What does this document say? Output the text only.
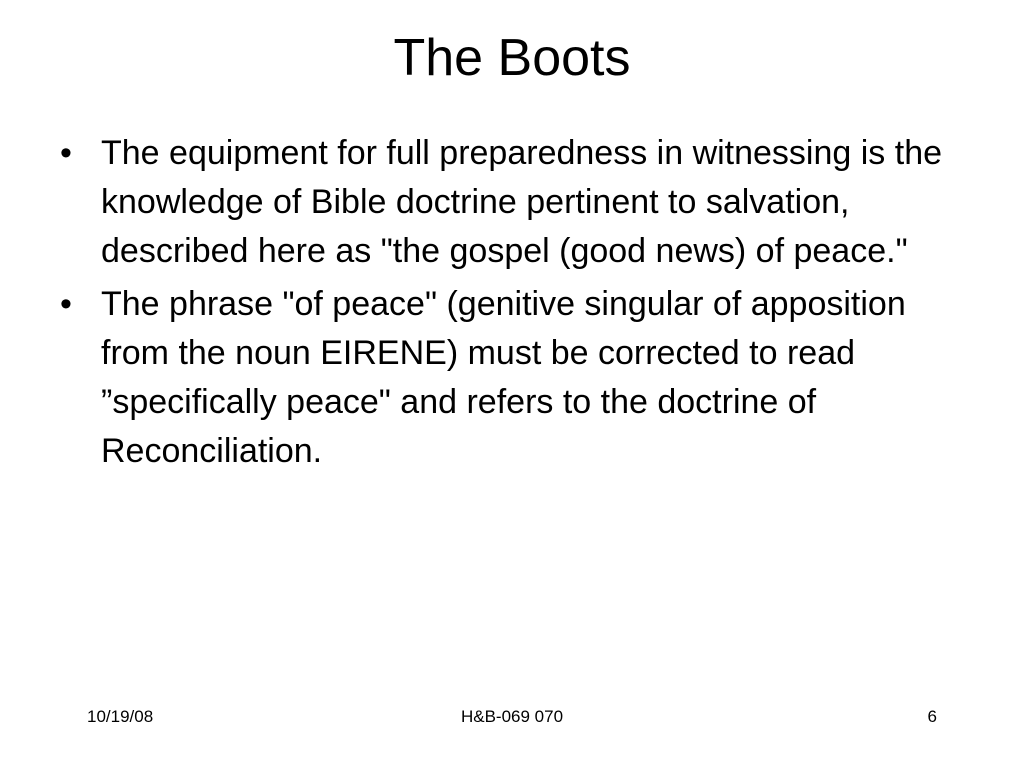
The Boots
• The equipment for full preparedness in witnessing is the knowledge of Bible doctrine pertinent to salvation, described here as "the gospel (good news) of peace."
• The phrase "of peace" (genitive singular of apposition from the noun EIRENE) must be corrected to read ”specifically peace" and refers to the doctrine of Reconciliation.
10/19/08	H&B-069 070	6
